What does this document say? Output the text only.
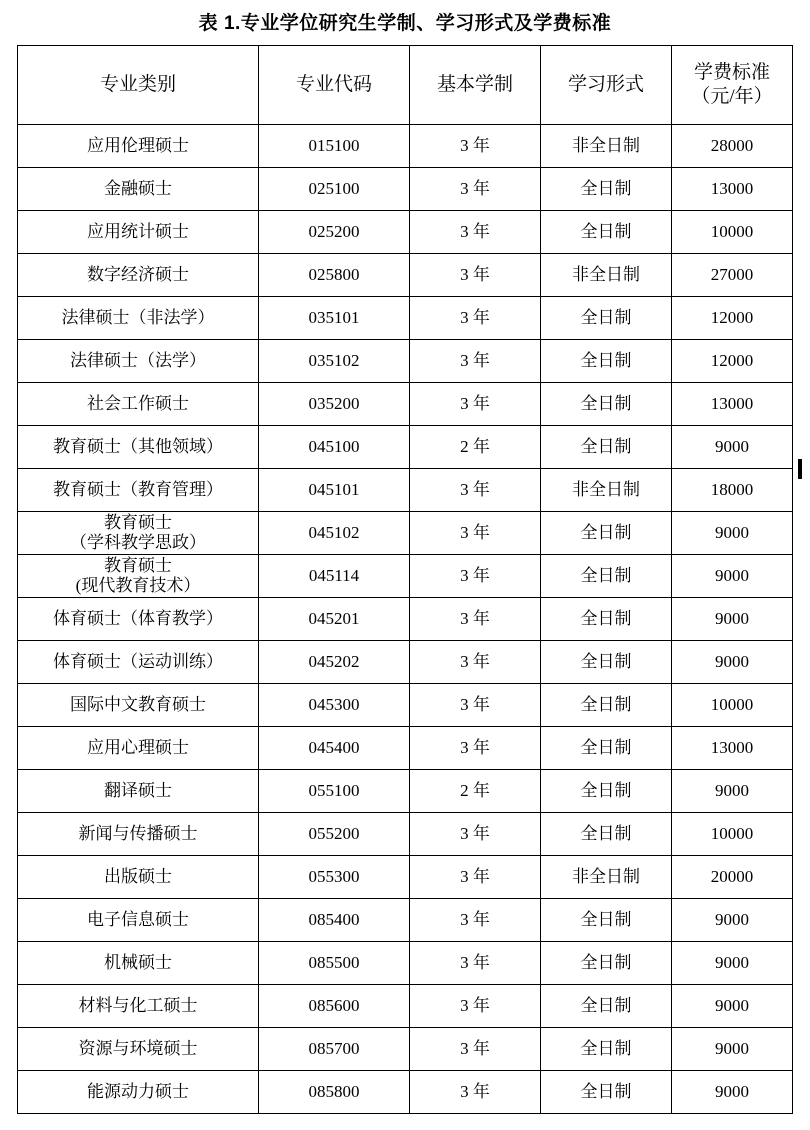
表 1.专业学位研究生学制、学习形式及学费标准
专业类别	专业代码	基本学制	学习形式	学费标准
（元/年）

应用伦理硕士	015100	3 年	非全日制	28000
金融硕士	025100	3 年	全日制	13000
应用统计硕士	025200	3 年	全日制	10000
数字经济硕士	025800	3 年	非全日制	27000
法律硕士（非法学）	035101	3 年	全日制	12000
法律硕士（法学）	035102	3 年	全日制	12000
社会工作硕士	035200	3 年	全日制	13000
教育硕士（其他领域）	045100	2 年	全日制	9000
教育硕士（教育管理）	045101	3 年	非全日制	18000

教育硕士
（学科教学思政）	045102	3 年	全日制	9000

教育硕士
(现代教育技术）	045114	3 年	全日制	9000
体育硕士（体育教学）	045201	3 年	全日制	9000
体育硕士（运动训练）	045202	3 年	全日制	9000
国际中文教育硕士	045300	3 年	全日制	10000
应用心理硕士	045400	3 年	全日制	13000
翻译硕士	055100	2 年	全日制	9000
新闻与传播硕士	055200	3 年	全日制	10000
出版硕士	055300	3 年	非全日制	20000
电子信息硕士	085400	3 年	全日制	9000
机械硕士	085500	3 年	全日制	9000
材料与化工硕士	085600	3 年	全日制	9000
资源与环境硕士	085700	3 年	全日制	9000
能源动力硕士	085800	3 年	全日制	9000
